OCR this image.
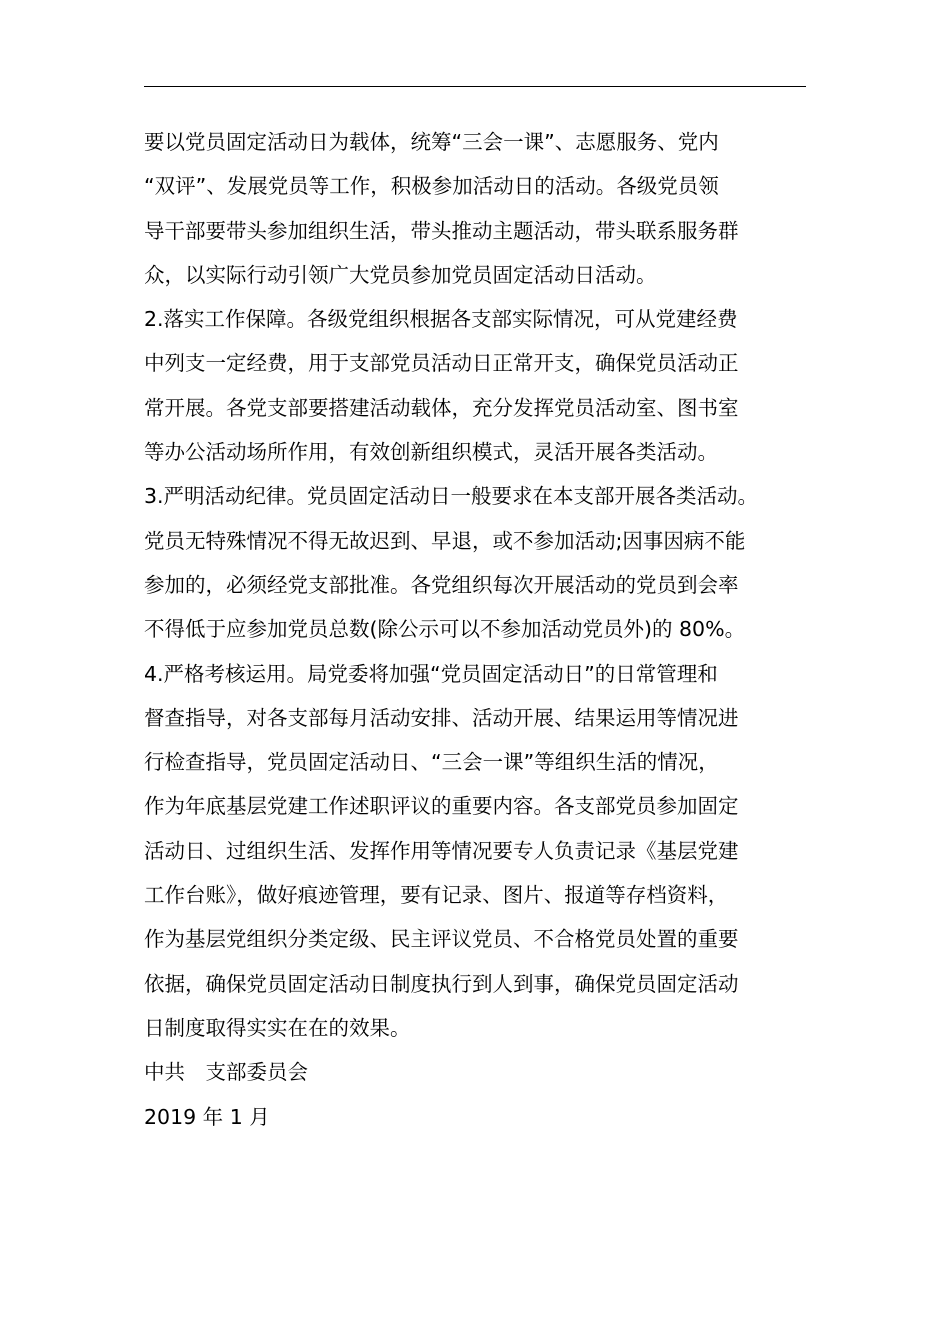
要以党员固定活动日为载体，统筹“三会一课”、志愿服务、党内
“双评”、发展党员等工作，积极参加活动日的活动。各级党员领
导干部要带头参加组织生活，带头推动主题活动，带头联系服务群
众，以实际行动引领广大党员参加党员固定活动日活动。
2.落实工作保障。各级党组织根据各支部实际情况，可从党建经费
中列支一定经费，用于支部党员活动日正常开支，确保党员活动正
常开展。各党支部要搭建活动载体，充分发挥党员活动室、图书室
等办公活动场所作用，有效创新组织模式，灵活开展各类活动。
3.严明活动纪律。党员固定活动日一般要求在本支部开展各类活动。
党员无特殊情况不得无故迟到、早退，或不参加活动;因事因病不能
参加的，必须经党支部批准。各党组织每次开展活动的党员到会率
不得低于应参加党员总数(除公示可以不参加活动党员外)的 80%。
4.严格考核运用。局党委将加强“党员固定活动日”的日常管理和
督查指导，对各支部每月活动安排、活动开展、结果运用等情况进
行检查指导，党员固定活动日、“三会一课”等组织生活的情况，
作为年底基层党建工作述职评议的重要内容。各支部党员参加固定
活动日、过组织生活、发挥作用等情况要专人负责记录《基层党建
工作台账》，做好痕迹管理，要有记录、图片、报道等存档资料，
作为基层党组织分类定级、民主评议党员、不合格党员处置的重要
依据，确保党员固定活动日制度执行到人到事，确保党员固定活动
日制度取得实实在在的效果。
中共　支部委员会
2019 年 1 月
